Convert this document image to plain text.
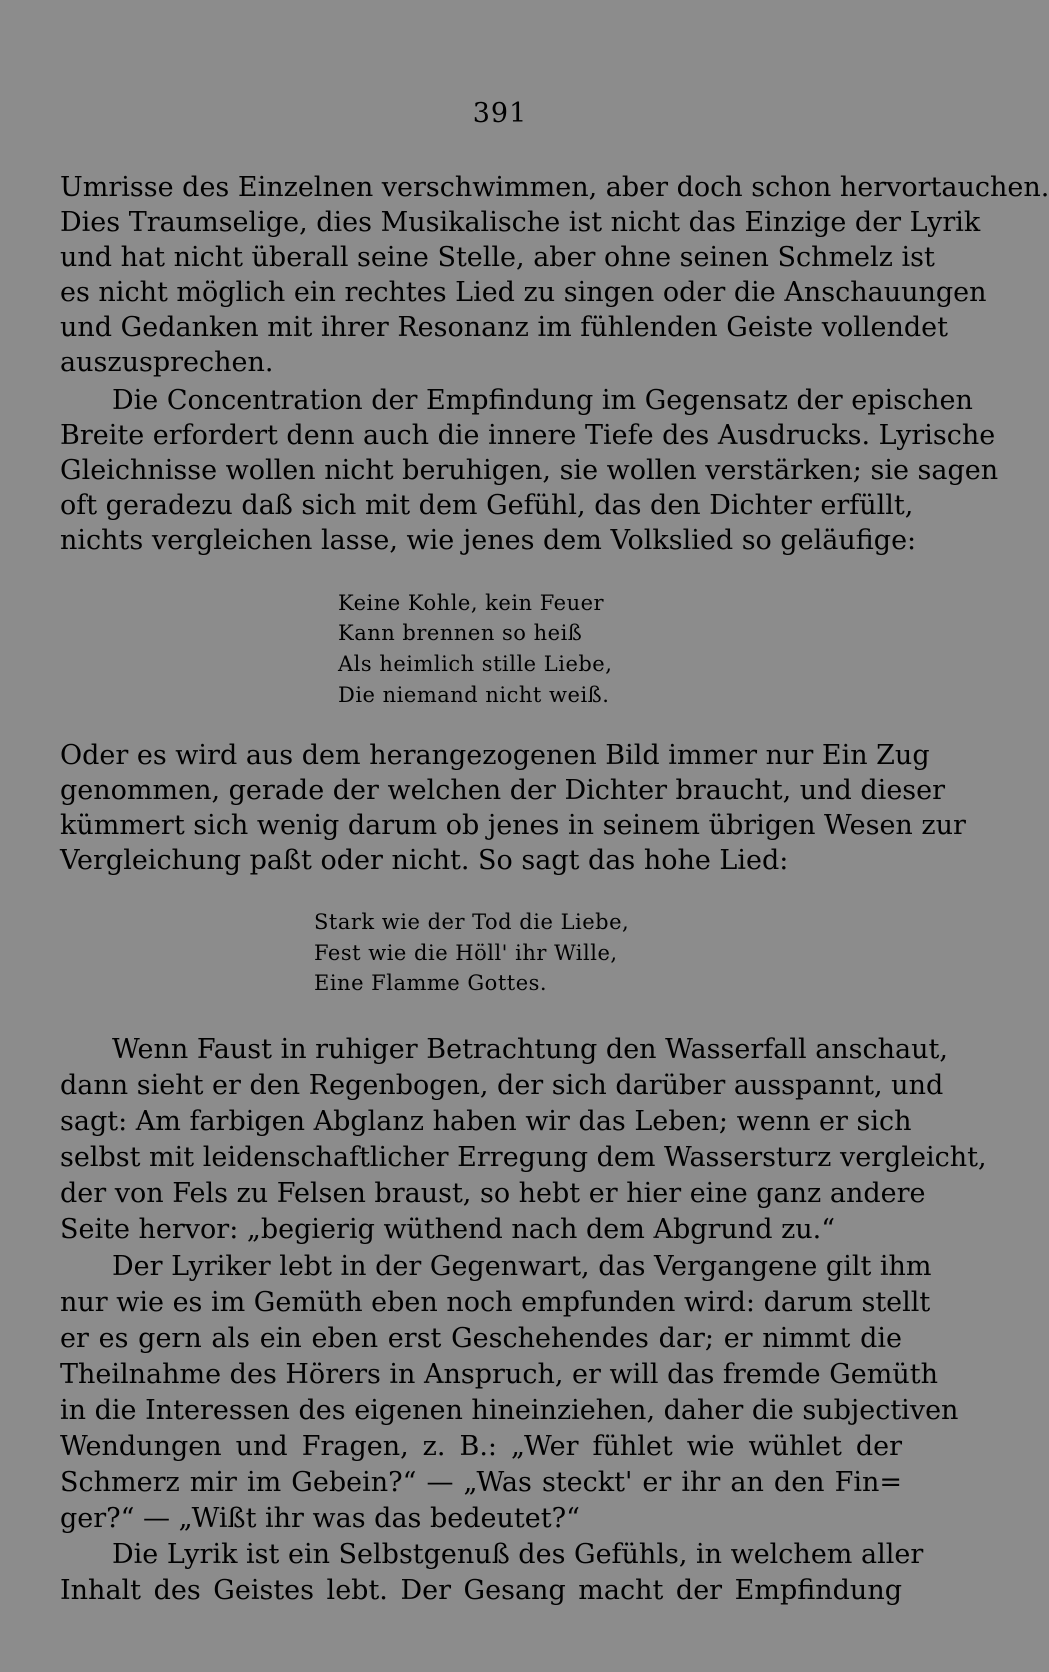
391
Umrisse des Einzelnen verschwimmen, aber doch schon hervortauchen.
Dies Traumselige, dies Musikalische ist nicht das Einzige der Lyrik
und hat nicht überall seine Stelle, aber ohne seinen Schmelz ist
es nicht möglich ein rechtes Lied zu singen oder die Anschauungen
und Gedanken mit ihrer Resonanz im fühlenden Geiste vollendet
auszusprechen.
Die Concentration der Empfindung im Gegensatz der epischen
Breite erfordert denn auch die innere Tiefe des Ausdrucks. Lyrische
Gleichnisse wollen nicht beruhigen, sie wollen verstärken; sie sagen
oft geradezu daß sich mit dem Gefühl, das den Dichter erfüllt,
nichts vergleichen lasse, wie jenes dem Volkslied so geläufige:
Keine Kohle, kein Feuer
Kann brennen so heiß
Als heimlich stille Liebe,
Die niemand nicht weiß.
Oder es wird aus dem herangezogenen Bild immer nur Ein Zug
genommen, gerade der welchen der Dichter braucht, und dieser
kümmert sich wenig darum ob jenes in seinem übrigen Wesen zur
Vergleichung paßt oder nicht. So sagt das hohe Lied:
Stark wie der Tod die Liebe,
Fest wie die Höll' ihr Wille,
Eine Flamme Gottes.
Wenn Faust in ruhiger Betrachtung den Wasserfall anschaut,
dann sieht er den Regenbogen, der sich darüber ausspannt, und
sagt: Am farbigen Abglanz haben wir das Leben; wenn er sich
selbst mit leidenschaftlicher Erregung dem Wassersturz vergleicht,
der von Fels zu Felsen braust, so hebt er hier eine ganz andere
Seite hervor: „begierig wüthend nach dem Abgrund zu.“
Der Lyriker lebt in der Gegenwart, das Vergangene gilt ihm
nur wie es im Gemüth eben noch empfunden wird: darum stellt
er es gern als ein eben erst Geschehendes dar; er nimmt die
Theilnahme des Hörers in Anspruch, er will das fremde Gemüth
in die Interessen des eigenen hineinziehen, daher die subjectiven
Wendungen und Fragen, z. B.: „Wer fühlet wie wühlet der
Schmerz mir im Gebein?“ — „Was steckt' er ihr an den Fin=
ger?“ — „Wißt ihr was das bedeutet?“
Die Lyrik ist ein Selbstgenuß des Gefühls, in welchem aller
Inhalt des Geistes lebt. Der Gesang macht der Empfindung
